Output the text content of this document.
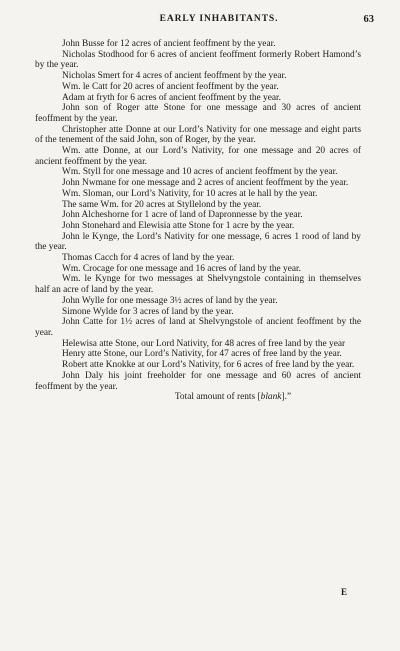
EARLY INHABITANTS.	63

John Busse for 12 acres of ancient feoffment by the year.

Nicholas Stodhood for 6 acres of ancient feoffment formerly Robert Hamond’s by the year.

Nicholas Smert for 4 acres of ancient feoffment by the year.

Wm. le Catt for 20 acres of ancient feoffment by the year.

Adam at fryth for 6 acres of ancient feoffment by the year.

John son of Roger atte Stone for one message and 30 acres of ancient feoffment by the year.

Christopher atte Donne at our Lord’s Nativity for one message and eight parts of the tenement of the said John, son of Roger, by the year.

Wm. atte Donne, at our Lord’s Nativity, for one message and 20 acres of ancient feoffment by the year.

Wm. Styll for one message and 10 acres of ancient feoffment by the year.

John Nwmane for one message and 2 acres of ancient feoffment by the year.

Wm. Sloman, our Lord’s Nativity, for 10 acres at le hall by the year.

The same Wm. for 20 acres at Styllelond by the year.

John Alcheshorne for 1 acre of land of Dapronnesse by the year.

John Stonehard and Elewisia atte Stone for 1 acre by the year.

John le Kynge, the Lord’s Nativity for one message, 6 acres 1 rood of land by the year.

Thomas Cacch for 4 acres of land by the year.

Wm. Crocage for one message and 16 acres of land by the year.

Wm. le Kynge for two messages at Shelvyngstole containing in themselves half an acre of land by the year.

John Wylle for one message 3½ acres of land by the year.

Simone Wylde for 3 acres of land by the year.

John Catte for 1½ acres of land at Shelvyngstole of ancient feoffment by the year.

Helewisa atte Stone, our Lord Nativity, for 48 acres of free land by the year

Henry atte Stone, our Lord’s Nativity, for 47 acres of free land by the year.

Robert atte Knokke at our Lord’s Nativity, for 6 acres of free land by the year.

John Daly his joint freeholder for one message and 60 acres of ancient feoffment by the year.

Total amount of rents [blank].”

E
